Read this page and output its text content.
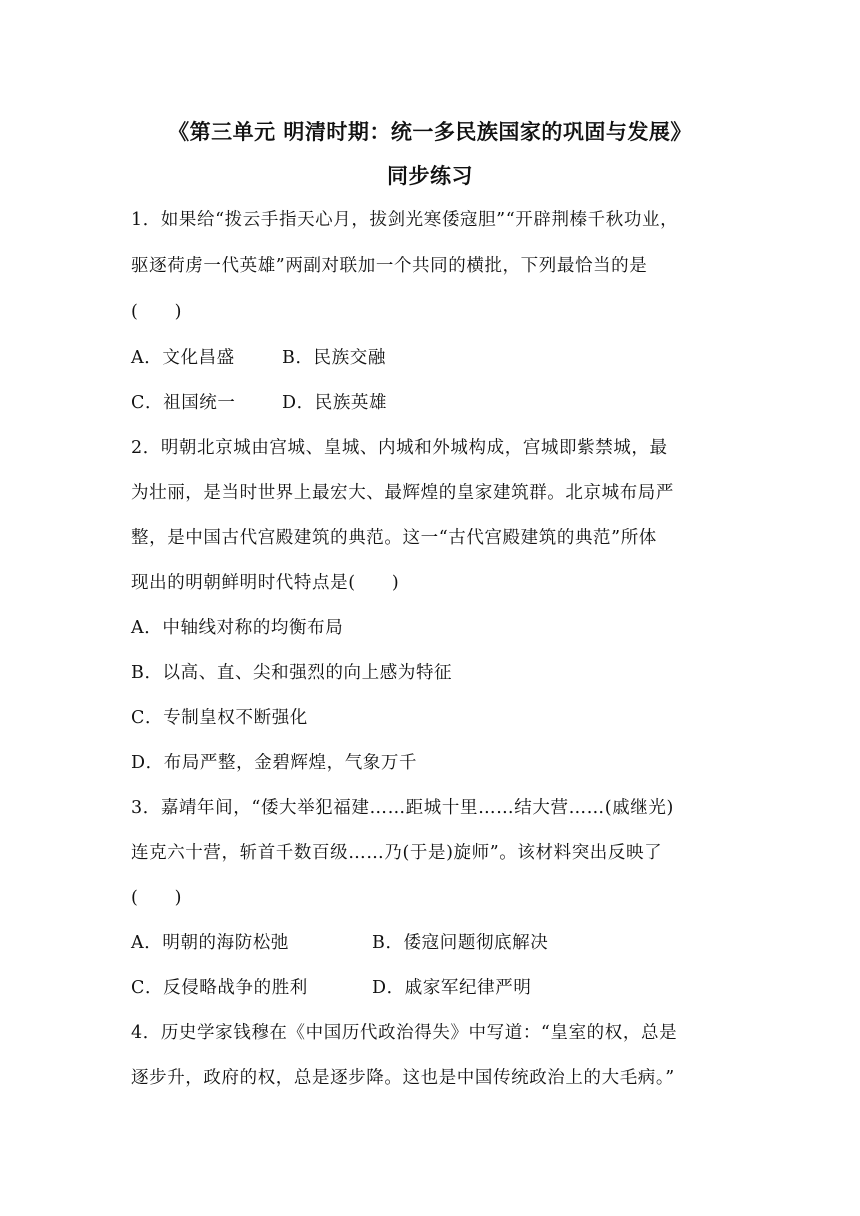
《第三单元 明清时期：统一多民族国家的巩固与发展》
同步练习
1．如果给“拨云手指天心月，拔剑光寒倭寇胆”“开辟荆榛千秋功业，
驱逐荷虏一代英雄”两副对联加一个共同的横批，下列最恰当的是
(　　)
A．文化昌盛	B．民族交融
C．祖国统一	D．民族英雄
2．明朝北京城由宫城、皇城、内城和外城构成，宫城即紫禁城，最
为壮丽，是当时世界上最宏大、最辉煌的皇家建筑群。北京城布局严
整，是中国古代宫殿建筑的典范。这一“古代宫殿建筑的典范”所体
现出的明朝鲜明时代特点是(　　)
A．中轴线对称的均衡布局
B．以高、直、尖和强烈的向上感为特征
C．专制皇权不断强化
D．布局严整，金碧辉煌，气象万千
3．嘉靖年间，“倭大举犯福建……距城十里……结大营……(戚继光)
连克六十营，斩首千数百级……乃(于是)旋师”。该材料突出反映了
(　　)
A．明朝的海防松弛	B．倭寇问题彻底解决
C．反侵略战争的胜利	D．戚家军纪律严明
4．历史学家钱穆在《中国历代政治得失》中写道：“皇室的权，总是
逐步升，政府的权，总是逐步降。这也是中国传统政治上的大毛病。”
